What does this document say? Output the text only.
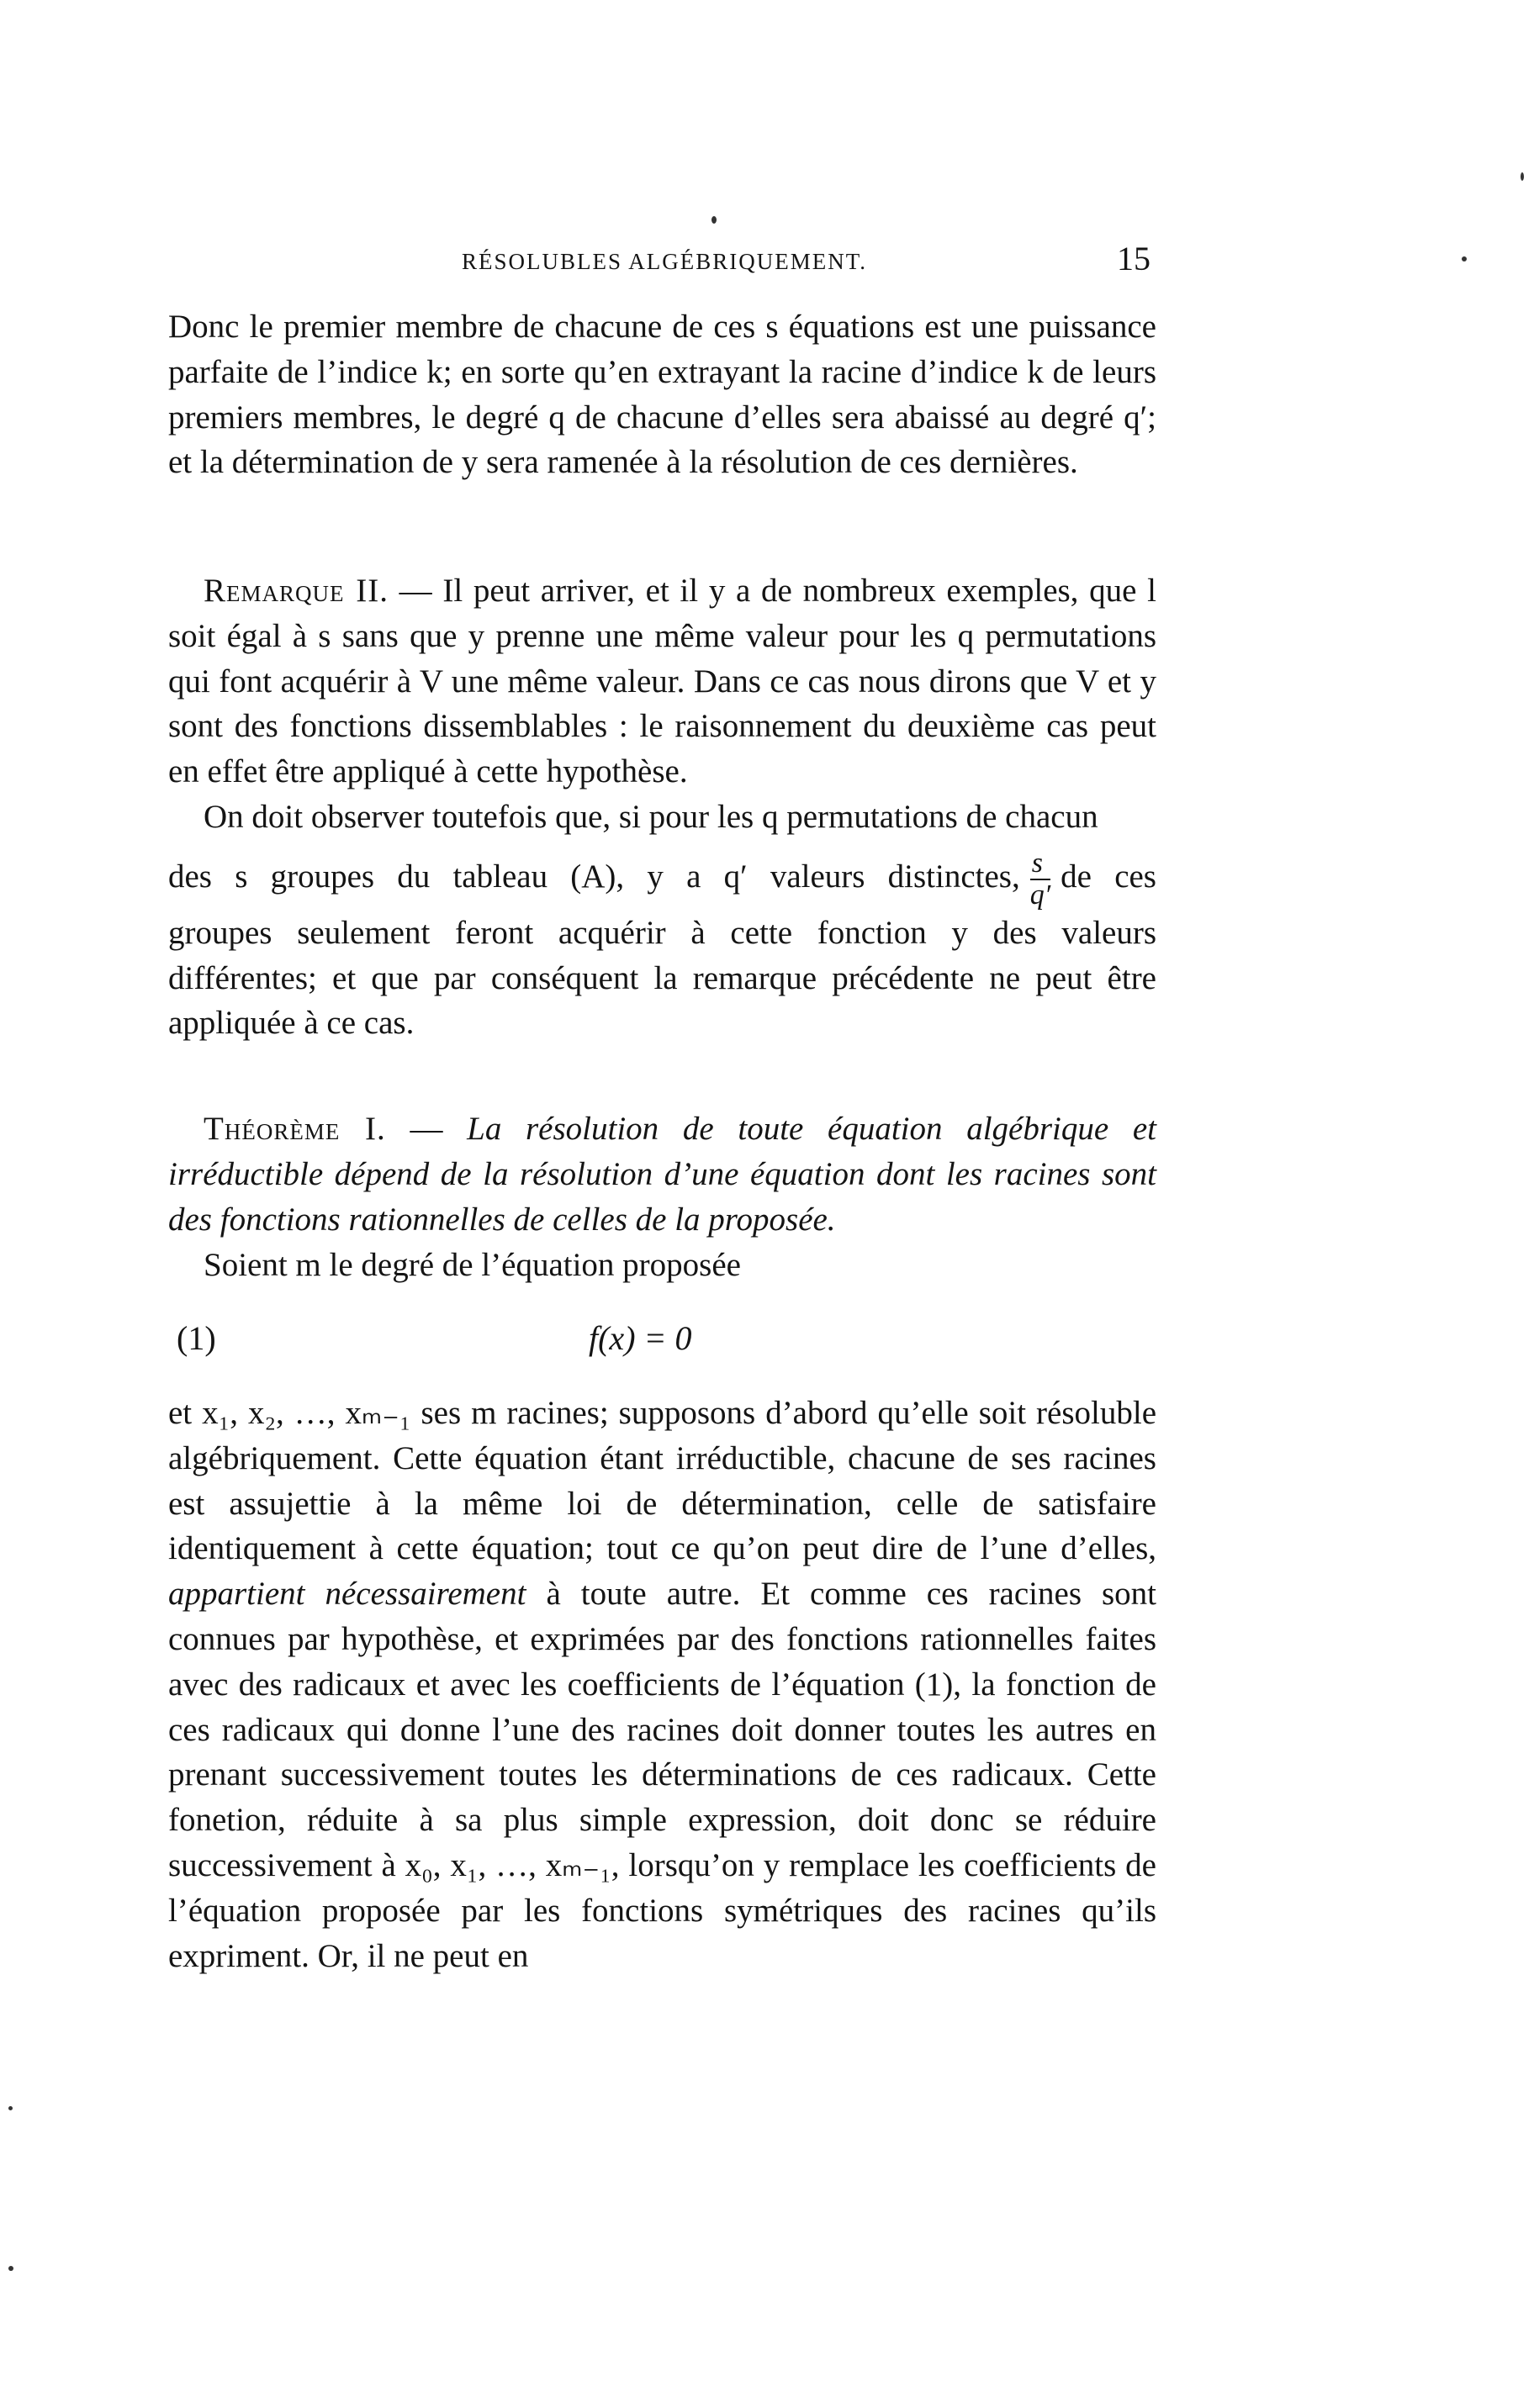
RÉSOLUBLES ALGÉBRIQUEMENT.	15
Donc le premier membre de chacune de ces s équations est une puissance parfaite de l’indice k; en sorte qu’en extrayant la racine d’indice k de leurs premiers membres, le degré q de chacune d’elles sera abaissé au degré q′; et la détermination de y sera ramenée à la résolution de ces dernières.
Remarque II. — Il peut arriver, et il y a de nombreux exemples, que l soit égal à s sans que y prenne une même valeur pour les q permutations qui font acquérir à V une même valeur. Dans ce cas nous dirons que V et y sont des fonctions dissemblables : le raisonnement du deuxième cas peut en effet être appliqué à cette hypothèse.
On doit observer toutefois que, si pour les q permutations de chacun
des s groupes du tableau (A), y a q′ valeurs distinctes, $\frac{s}{q'}$ de ces
groupes seulement feront acquérir à cette fonction y des valeurs différentes; et que par conséquent la remarque précédente ne peut être appliquée à ce cas.
Théorème I. — La résolution de toute équation algébrique et irréductible dépend de la résolution d’une équation dont les racines sont des fonctions rationnelles de celles de la proposée.
Soient m le degré de l’équation proposée
(1)	f(x) = 0
et x₁, x₂, …, xₘ₋₁ ses m racines; supposons d’abord qu’elle soit résoluble algébriquement. Cette équation étant irréductible, chacune de ses racines est assujettie à la même loi de détermination, celle de satisfaire identiquement à cette équation; tout ce qu’on peut dire de l’une d’elles, appartient nécessairement à toute autre. Et comme ces racines sont connues par hypothèse, et exprimées par des fonctions rationnelles faites avec des radicaux et avec les coefficients de l’équation (1), la fonction de ces radicaux qui donne l’une des racines doit donner toutes les autres en prenant successivement toutes les déterminations de ces radicaux. Cette fonetion, réduite à sa plus simple expression, doit donc se réduire successivement à x₀, x₁, …, xₘ₋₁, lorsqu’on y remplace les coefficients de l’équation proposée par les fonctions symétriques des racines qu’ils expriment. Or, il ne peut en
